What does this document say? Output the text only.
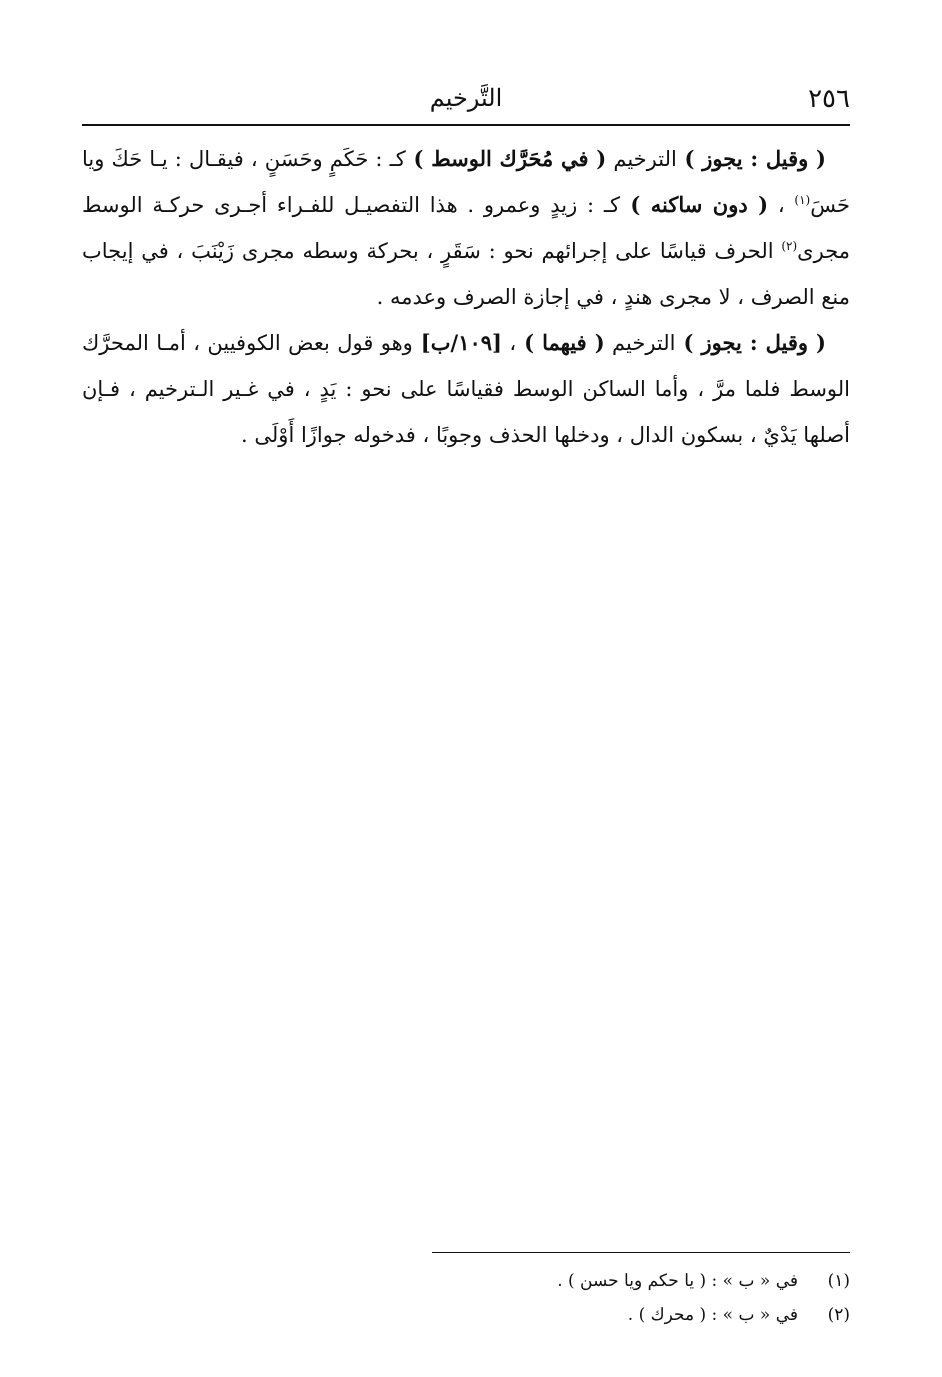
٢٥٦
التَّرخيم

( وقيل : يجوز ) الترخيم ( في مُحَرَّك الوسط ) كـ : حَكَمٍ وحَسَنٍ ، فيقـال : يـا حَكَ ويا حَسَ$^{(١)}$ ، ( دون ساكنه ) كـ : زيدٍ وعمرو . هذا التفصيـل للفـراء أجـرى حركـة الوسط مجرى$^{(٢)}$ الحرف قياسًا على إجرائهم نحو : سَقَرٍ ، بحركة وسطه مجرى زَيْنَبَ ، في إيجاب منع الصرف ، لا مجرى هندٍ ، في إجازة الصرف وعدمه .

( وقيل : يجوز ) الترخيم ( فيهما ) ، [١٠٩/ب] وهو قول بعض الكوفيين ، أمـا المحرَّك الوسط فلما مرَّ ، وأما الساكن الوسط فقياسًا على نحو : يَدٍ ، في غـير الـترخيم ، فـإن أصلها يَدْيٌ ، بسكون الدال ، ودخلها الحذف وجوبًا ، فدخوله جوازًا أَوْلَى .

(١)
في « ب » : ( يا حكم ويا حسن ) .
(٢)
في « ب » : ( محرك ) .
